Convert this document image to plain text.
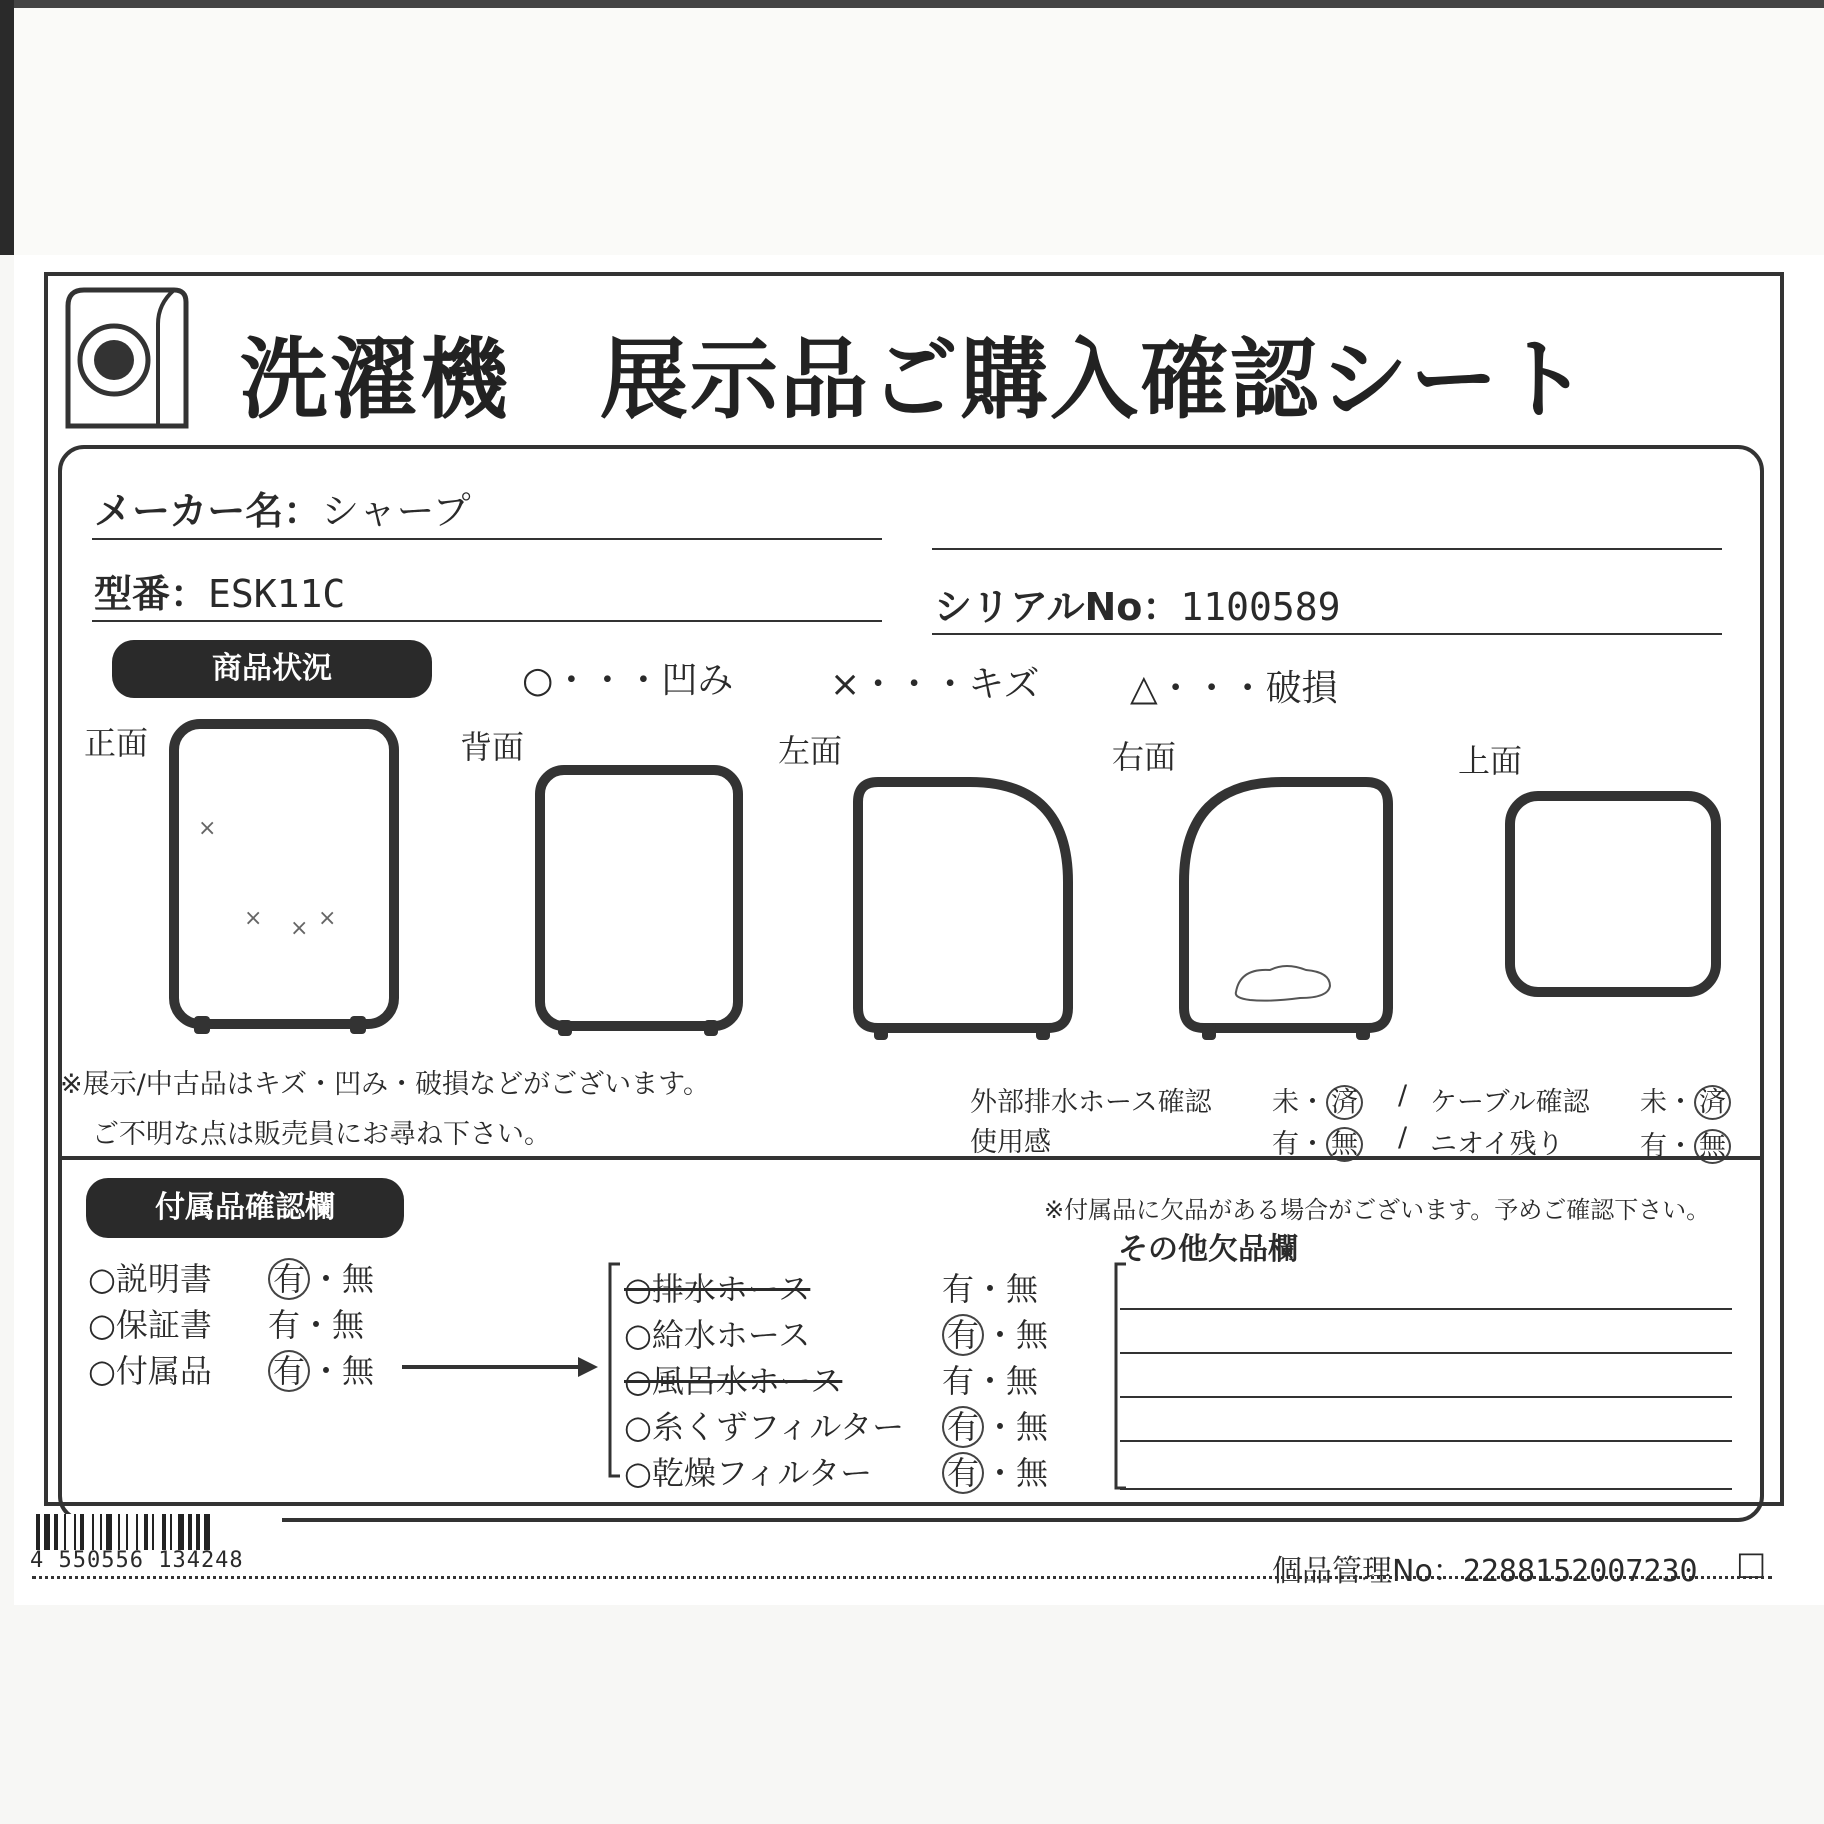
洗濯機　展示品ご購入確認シート
メーカー名：シャープ
型番：ESK11C	シリアルNo：1100589
商品状況	○・・・凹み	×・・・キズ	△・・・破損
正面	背面	左面	右面	上面
×
× × ×
※展示/中古品はキズ・凹み・破損などがございます。
ご不明な点は販売員にお尋ね下さい。
外部排水ホース確認 未・ 済 / ケーブル確認 未・ 済
使用感	有・ 無 / ニオイ残り	有・ 無
付属品確認欄	※付属品に欠品がある場合がございます。予めご確認下さい。
その他欠品欄
○説明書 有 ・無
○保証書 有・無
○付属品 有 ・無
○排水ホース	有・無
○給水ホース	有 ・無
○風呂水ホース	有・無
○糸くずフィルター 有 ・無
○乾燥フィルター 有 ・無
4 550556 134248	個品管理No：2288152007230 □
